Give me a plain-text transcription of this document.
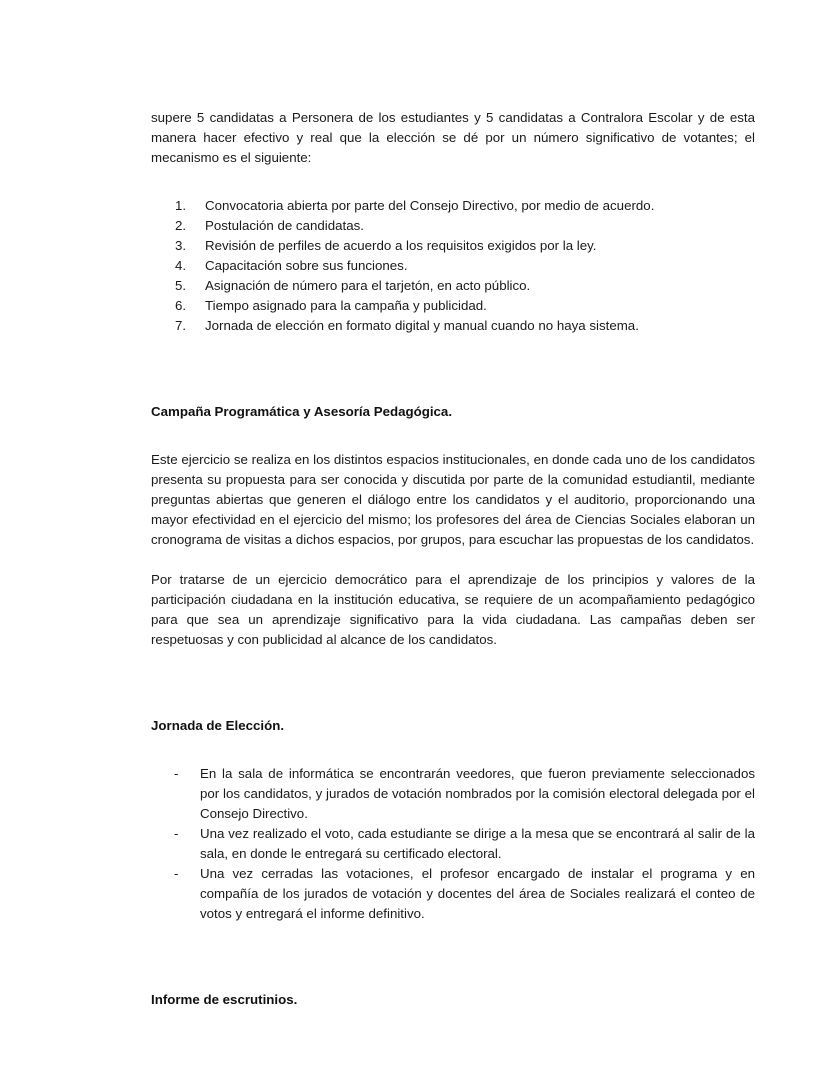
supere 5 candidatas a Personera de los estudiantes y 5 candidatas a Contralora Escolar y de esta manera hacer efectivo y real que la elección se dé por un número significativo de votantes; el mecanismo es el siguiente:

1.	Convocatoria abierta por parte del Consejo Directivo, por medio de acuerdo.
2.	Postulación de candidatas.
3.	Revisión de perfiles de acuerdo a los requisitos exigidos por la ley.
4.	Capacitación sobre sus funciones.
5.	Asignación de número para el tarjetón, en acto público.
6.	Tiempo asignado para la campaña y publicidad.
7.	Jornada de elección en formato digital y manual cuando no haya sistema.
Campaña Programática y Asesoría Pedagógica.

Este ejercicio se realiza en los distintos espacios institucionales, en donde cada uno de los candidatos presenta su propuesta para ser conocida y discutida por parte de la comunidad estudiantil, mediante preguntas abiertas que generen el diálogo entre los candidatos y el auditorio, proporcionando una mayor efectividad en el ejercicio del mismo; los profesores del área de Ciencias Sociales elaboran un cronograma de visitas a dichos espacios, por grupos, para escuchar las propuestas de los candidatos.

Por tratarse de un ejercicio democrático para el aprendizaje de los principios y valores de la participación ciudadana en la institución educativa, se requiere de un acompañamiento pedagógico para que sea un aprendizaje significativo para la vida ciudadana. Las campañas deben ser respetuosas y con publicidad al alcance de los candidatos.

Jornada de Elección.
- En la sala de informática se encontrarán veedores, que fueron previamente seleccionados por los candidatos, y jurados de votación nombrados por la comisión electoral delegada por el Consejo Directivo.
- Una vez realizado el voto, cada estudiante se dirige a la mesa que se encontrará al salir de la sala, en donde le entregará su certificado electoral.
- Una vez cerradas las votaciones, el profesor encargado de instalar el programa y en compañía de los jurados de votación y docentes del área de Sociales realizará el conteo de votos y entregará el informe definitivo.
Informe de escrutinios.
